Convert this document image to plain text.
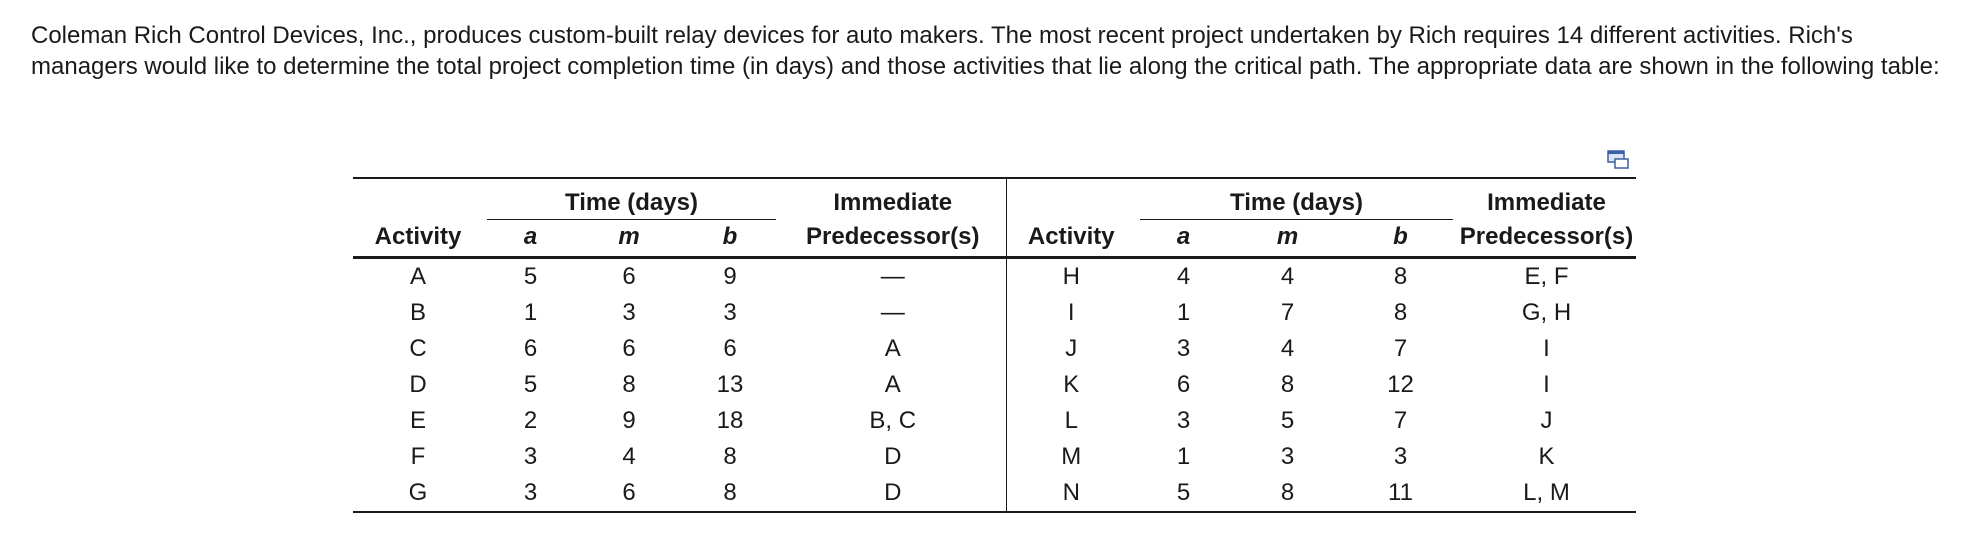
Coleman Rich Control Devices, Inc., produces custom-built relay devices for auto makers. The most recent project undertaken by Rich requires 14 different activities. Rich's managers would like to determine the total project completion time (in days) and those activities that lie along the critical path. The appropriate data are shown in the following table:

	Time (days)			Immediate		Time (days)			Immediate
Activity	a	m	b	Predecessor(s)	Activity	a	m	b	Predecessor(s)
A	5	6	9	—	H	4	4	8	E, F
B	1	3	3	—	I	1	7	8	G, H
C	6	6	6	A	J	3	4	7	I
D	5	8	13	A	K	6	8	12	I
E	2	9	18	B, C	L	3	5	7	J
F	3	4	8	D	M	1	3	3	K
G	3	6	8	D	N	5	8	11	L, M
